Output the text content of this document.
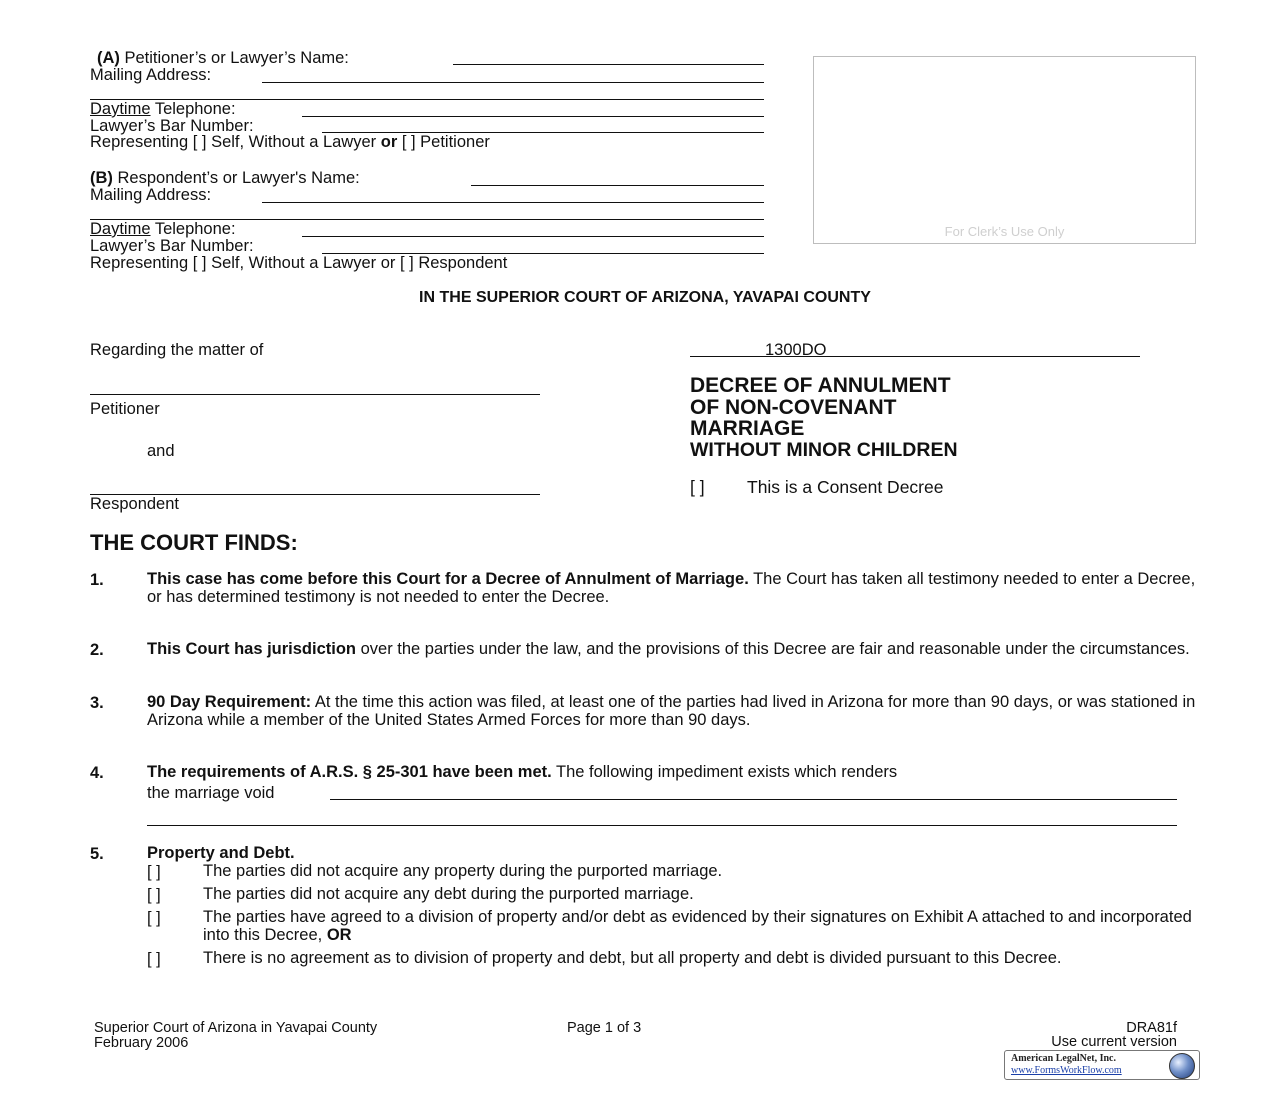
(A) Petitioner’s or Lawyer’s Name:
Mailing Address:
Daytime Telephone:
Lawyer’s Bar Number:
Representing [ ] Self, Without a Lawyer or [ ] Petitioner
(B) Respondent’s or Lawyer's Name:
Mailing Address:
Daytime Telephone:
Lawyer’s Bar Number:
Representing [ ] Self, Without a Lawyer or [ ] Respondent
For Clerk’s Use Only
IN THE SUPERIOR COURT OF ARIZONA, YAVAPAI COUNTY
Regarding the matter of
Petitioner
and
Respondent
1300DO
DECREE OF ANNULMENT
OF NON-COVENANT
MARRIAGE
WITHOUT MINOR CHILDREN
[ ] This is a Consent Decree
THE COURT FINDS:
1.	This case has come before this Court for a Decree of Annulment of Marriage. The Court has taken all testimony needed to enter a Decree, or has determined testimony is not needed to enter the Decree.
2.	This Court has jurisdiction over the parties under the law, and the provisions of this Decree are fair and reasonable under the circumstances.
3.	90 Day Requirement: At the time this action was filed, at least one of the parties had lived in Arizona for more than 90 days, or was stationed in Arizona while a member of the United States Armed Forces for more than 90 days.
4.	The requirements of A.R.S. § 25-301 have been met. The following impediment exists which renders
the marriage void
5.	Property and Debt.
[ ]	The parties did not acquire any property during the purported marriage.
[ ]	The parties did not acquire any debt during the purported marriage.
[ ]	The parties have agreed to a division of property and/or debt as evidenced by their signatures on Exhibit A attached to and incorporated into this Decree, OR
[ ]	There is no agreement as to division of property and debt, but all property and debt is divided pursuant to this Decree.
Superior Court of Arizona in Yavapai County
February 2006
Page 1 of 3	DRA81f
Use current version
American LegalNet, Inc.
www.FormsWorkFlow.com
